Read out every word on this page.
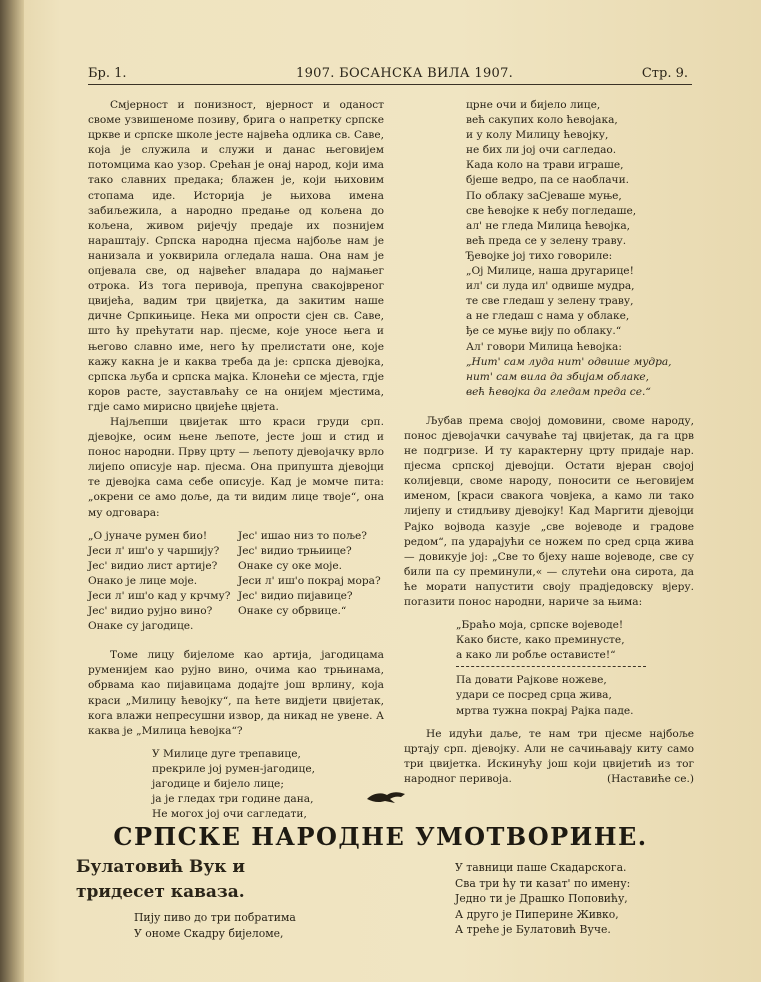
Бр. 1.	1907. БОСАНСКА ВИЛА 1907.	Стр. 9.

Смјерност и понизност, вјерност и оданост своме узвишеноме позиву, брига о напретку српске цркве и српске школе јесте највећа одлика св. Саве, која је служила и служи и данас његовијем потомцима као узор. Срећан је онај народ, који има тако славних предака; блажен је, који њиховим стопама иде. Историја је њихова имена забиљежила, а народно предање од кољена до кољена, живом ријечју предаје их познијем нараштају. Српска народна пјесма најбоље нам је нанизала и уоквирила огледала наша. Она нам је опјевала све, од највећег владара до најмањег отрока. Из тога перивоја, препуна свакојвреног цвијећа, вадим три цвијетка, да закитим наше дичне Српкињице. Нека ми опрости сјен св. Саве, што ћу прећутати нар. пјесме, које уносе њега и његово славно име, него ћу прелистати оне, које кажу какна је и каква треба да је: српска дјевојка, српска љуба и српска мајка. Клонећи се мјеста, гдје коров расте, заустављаћу се на онијем мјестима, гдје само мирисно цвијеће цвјета.

Најљепши цвијетак што краси груди срп. дјевојке, осим њене љепоте, јесте још и стид и понос народни. Прву црту — љепоту дјевојачку врло лијепо описује нар. пјесма. Она припушта дјевојци те дјевојка сама себе описује. Кад је момче пита: „окрени се амо доље, да ти видим лице твоје“, она му одговара:

„О јуначе румен био!
Јеси л' иш'о у чаршију?
Јес' видио лист артије?
Онако је лице моје.
Јеси л' иш'о кад у крчму?
Јес' видио рујно вино?
Онаке су јагодице.
Јес' ишао низ то поље?
Јес' видио трњиице?
Онаке су оке моје.
Јеси л' иш'о покрај мора?
Јес' видио пијавице?
Онаке су обрвице.“

Томе лицу бијеломе као артија, јагодицама руменијем као рујно вино, очима као трњинама, обрвама као пијавицама додајте још врлину, која краси „Милицу ћевојку“, па ћете видјети цвијетак, кога влажи непресушни извор, да никад не увене. А каква је „Милица ћевојка“?

У Милице дуге трепавице,
прекриле јој румен-јагодице,
јагодице и бијело лице;
ја је гледах три године дана,
Не могох јој очи сагледати,
црне очи и бијело лице,
већ сакупих коло ћевојака,
и у колу Милицу ћевојку,
не бих ли јој очи сагледао.
Када коло на трави играше,
бјеше ведро, па се наоблачи.
По облаку заСјеваше муње,
све ћевојке к небу погледаше,
ал' не гледа Милица ћевојка,
већ преда се у зелену траву.
Ђевојке јој тихо говориле:
„Ој Милице, наша другарице!
ил' си луда ил' одвише мудра,
те све гледаш у зелену траву,
а не гледаш с нама у облаке,
ђе се муње вију по облаку.“
Ал' говори Милица ћевојка:
„Нит' сам луда нит' одвише мудра,
нит' сам вила да збијам облаке,
већ ћевојка да гледам преда се.“

Љубав према својој домовини, своме народу, понос дјевојачки сачуваће тај цвијетак, да га црв не подгризе. И ту карактерну црту придаје нар. пјесма српској дјевојци. Остати вјеран својој колијевци, своме народу, поносити се његовијем именом, [краси свакога човјека, а камо ли тако лијепу и стидљиву дјевојку! Кад Маргити дјевојци Рајко војвода казује „све војеводе и градове редом“, па ударајући се ножем по сред срца жива — довикује јој: „Све то бјеху наше војеводе, све су били па су преминули,« — слутећи она сирота, да ће морати напустити своју прадједовску вјеру. погазити понос народни, нариче за њима:

„Браћо моја, српске војеводе!
Како бисте, како преминусте,
а како ли робље остависте!“
Па довати Рајкове ножеве,
удари се посред срца жива,
мртва тужна покрај Рајка паде.

Не идући даље, те нам три пјесме најбоље цртају срп. дјевојку. Али не сачињавају киту само три цвијетка. Искинућу још који цвијетић из тог народног перивоја.	(Наставиће се.)
СРПСКЕ НАРОДНЕ УМОТВОРИНЕ.
Булатовић Вук и
тридесет каваза.
Пију пиво до три побратима
У ономе Скадру бијеломе,
У тавници паше Скадарскога.
Сва три ћу ти казат' по имену:
Једно ти је Драшко Поповићу,
А друго је Пиперине Живко,
А треће је Булатовић Вуче.
